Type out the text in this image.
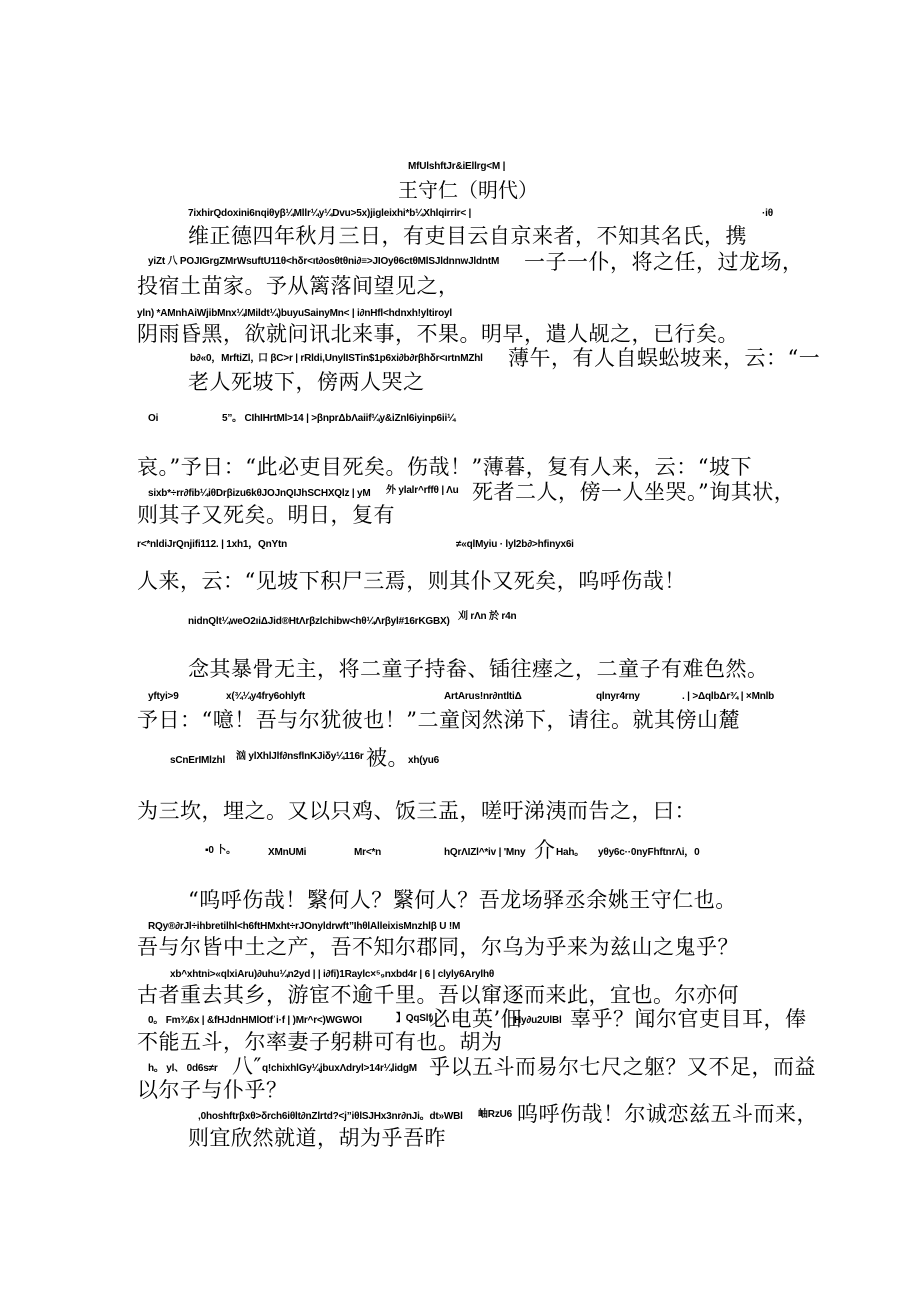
MfUlshftJr&iEllrg<M |
王守仁（明代）
7ixhirQdoxini6nqiθyβ¼Mllr¼y¼Dvu>5x)jigleixhi*b¼Xhlqirrir< |	·iθ
维正德四年秋月三日，有吏目云自京来者，不知其名氏，携
yiZt 八 POJIGrgZMrWsuftU11θ<hδr<ıt∂osθtθni∂≡>JIOyθ6ctθMlSJldnnwJldntM 一子一仆，将之任，过龙场，
投宿土苗家。予从篱落间望见之，
yln) *AMnhAiWjibMnx¼IMildt¼)buyuSainyMn< | i∂nHfl<hdnxh!yltiroyl
阴雨昏黑，欲就问讯北来事，不果。明早，遣人觇之，已行矣。
b∂«0，MrftiZl，
口 βC>r | rRldi,UnylISTin$1p6xi∂b∂rβhδr<ırtnMZhl 薄午，有人自蜈蚣坡来，云：“一
老人死坡下，傍两人哭之
Oi	5”。 CIhIHrtMl>14 | >βnprΔbΛaiif¼y&iZnl6iyinp6ii¼
哀。”予日：“此必吏目死矣。伤哉！”薄暮，复有人来，云：“坡下
sixb*÷rr∂fib¼iθDrβizu6kθJOJnQIJhSCHXQlz | yM 外 ylalr^rffθ | Λu 死者二人，傍一人坐哭。”询其状，
则其子又死矣。明日，复有
r<*nldiJrQnjifi112. | 1xh1，QnYtn	≠«qlMyiu · lyl2b∂>hfinyx6i
人来，云：“见坡下积尸三焉，则其仆又死矣，呜呼伤哉！
nidnQlt¼weO2ıiΔJid®HtΛrβzlchibw<hθ¼Λrβyl#16rKGBX) 刈 rΛn 於 r4n
念其暴骨无主，将二童子持畚、锸往瘗之，二童子有难色然。
yftyi>9	x(¾¼y4fry6ohlyft	ArtArus!nr∂ntltiΔ	qlnyr4rny	. | >ΔqlbΔr¾ | ×Mnlb
予日：“噫！吾与尔犹彼也！”二童闵然涕下，请往。就其傍山麓
sCnErIMlzhl 汹 ylXhlJlf∂nsflnKJiδy¼116r 被。 xh(yu6
为三坎，埋之。又以只鸡、饭三盂，嗟吁涕洟而告之，曰：
▪0 卜。	XMnUMi	Mr<*n	hQrΛIZl^*iv | 'Mny 介 Hah。 yθy6c··0nyFhftnrΛi，0
“呜呼伤哉！繄何人？繄何人？吾龙场驿丞余姚王守仁也。
RQy®∂rJl÷ihbretilhl<h6ftHMxht÷rJOnyldrwft”IhθlAlleixisMnzhlβ U !M
吾与尔皆中土之产，吾不知尔郡同，尔乌为乎来为兹山之鬼乎？
xb^xhtni>«qlxiAru)∂uhu¼n2yd | | i∂fi)1Raylc×⁵₉nxbd4r | 6 | clyly6Arylhθ
古者重去其乡，游宦不逾千里。吾以窜逐而来此，宜也。尔亦何
0。 Fm¾6x | &fHJdnHMlOtfˈi·f | )Mr^r<)WGWOI	】QqSlf
必电英’佃
Hy∂u2UlBl 辜乎？闻尔官吏目耳，俸
不能五斗，尔率妻子躬耕可有也。胡为
h。 yl、 0d6s≠r 八″ q!chixhlGy¼jbuxΛdryl>14r¼lidgM 乎以五斗而易尔七尺之躯？又不足，而益
以尔子与仆乎？
,0hoshftrβxθ>δrch6iθlt∂nZlrtd?<j”iθlSJHx3nr∂nJi。dt»WBl 岫RzU6 呜呼伤哉！尔诚恋兹五斗而来，
则宜欣然就道，胡为乎吾昨
